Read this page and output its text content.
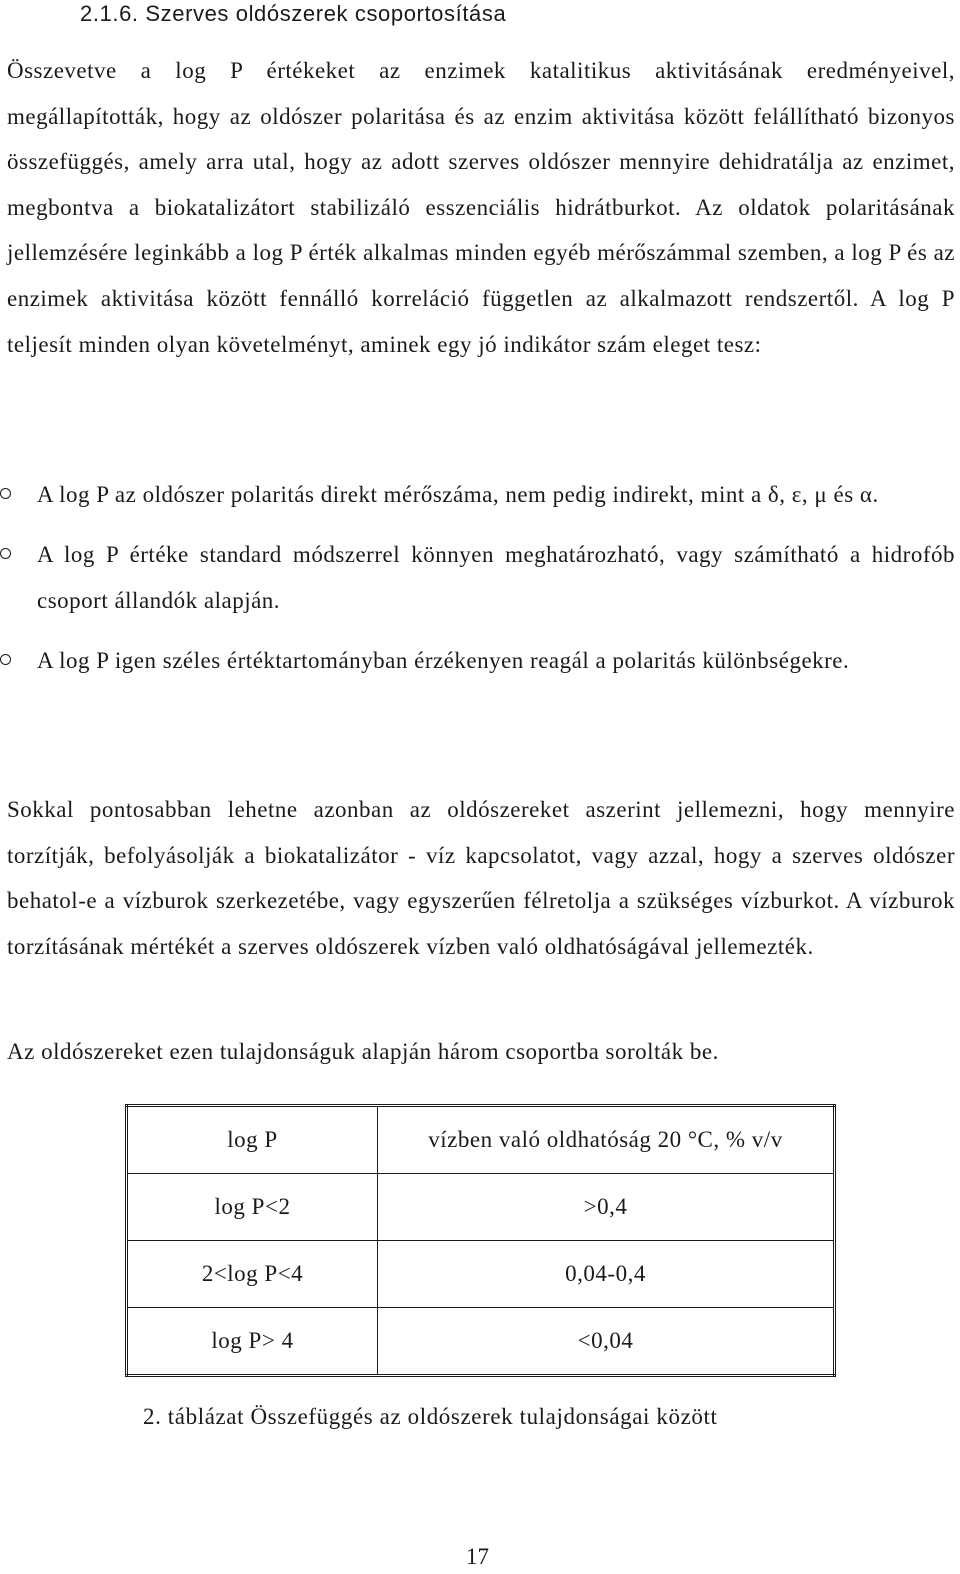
2.1.6. Szerves oldószerek csoportosítása

Összevetve a log P értékeket az enzimek katalitikus aktivitásának eredményeivel, megállapították, hogy az oldószer polaritása és az enzim aktivitása között felállítható bizonyos összefüggés, amely arra utal, hogy az adott szerves oldószer mennyire dehidratálja az enzimet, megbontva a biokatalizátort stabilizáló esszenciális hidrátburkot. Az oldatok polaritásának jellemzésére leginkább a log P érték alkalmas minden egyéb mérőszámmal szemben, a log P és az enzimek aktivitása között fennálló korreláció független az alkalmazott rendszertől. A log P teljesít minden olyan követelményt, aminek egy jó indikátor szám eleget tesz:

A log P az oldószer polaritás direkt mérőszáma, nem pedig indirekt, mint a δ, ε, μ és α.
A log P értéke standard módszerrel könnyen meghatározható, vagy számítható a hidrofób csoport állandók alapján.
A log P igen széles értéktartományban érzékenyen reagál a polaritás különbségekre.

Sokkal pontosabban lehetne azonban az oldószereket aszerint jellemezni, hogy mennyire torzítják, befolyásolják a biokatalizátor - víz kapcsolatot, vagy azzal, hogy a szerves oldószer behatol-e a vízburok szerkezetébe, vagy egyszerűen félretolja a szükséges vízburkot. A vízburok torzításának mértékét a szerves oldószerek vízben való oldhatóságával jellemezték.

Az oldószereket ezen tulajdonságuk alapján három csoportba sorolták be.

log P	vízben való oldhatóság 20 °C, % v/v
log P<2	>0,4
2<log P<4	0,04-0,4
log P> 4	<0,04
2. táblázat Összefüggés az oldószerek tulajdonságai között
17
